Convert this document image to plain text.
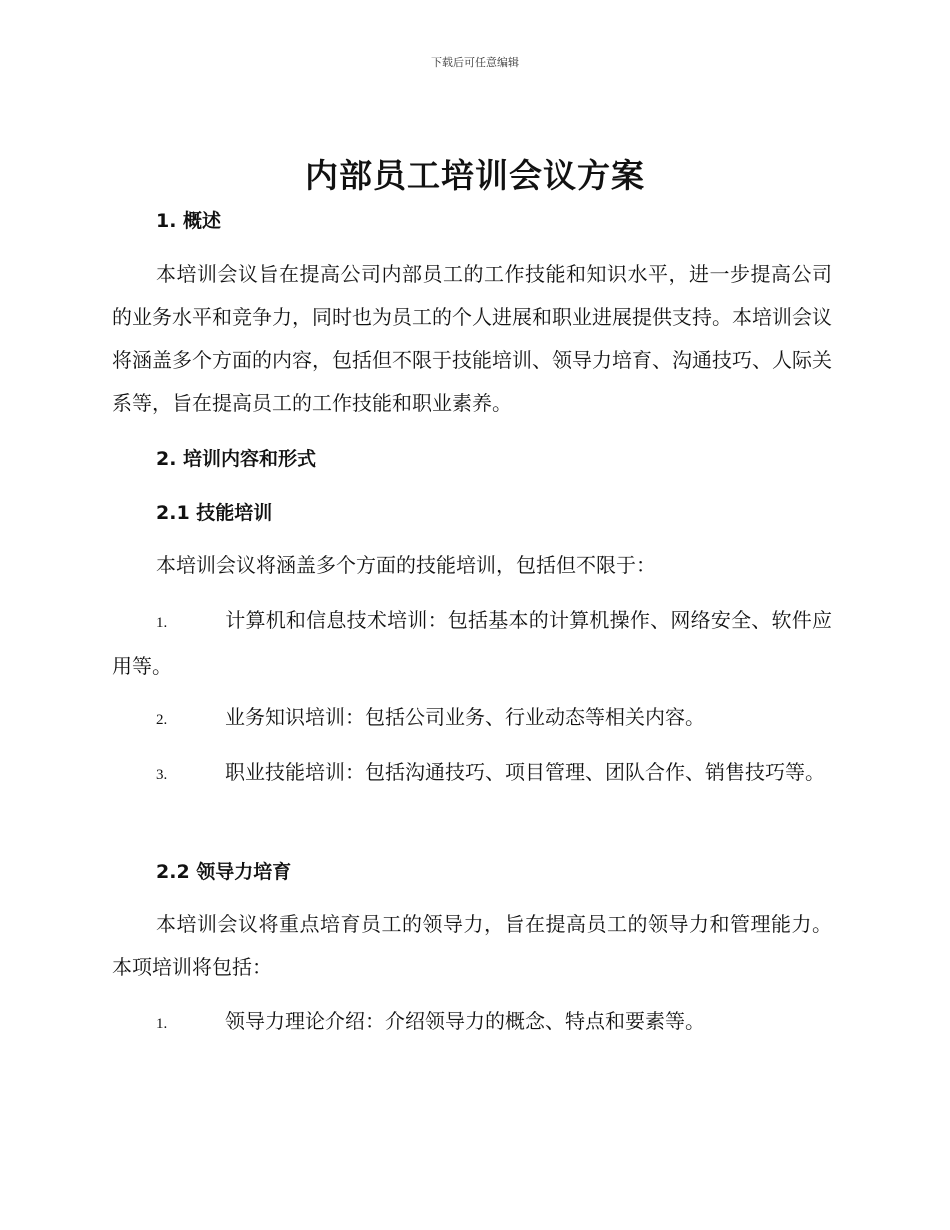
下载后可任意编辑
内部员工培训会议方案
1. 概述

本培训会议旨在提高公司内部员工的工作技能和知识水平，进一步提高公司的业务水平和竞争力，同时也为员工的个人进展和职业进展提供支持。本培训会议将涵盖多个方面的内容，包括但不限于技能培训、领导力培育、沟通技巧、人际关系等，旨在提高员工的工作技能和职业素养。

2. 培训内容和形式
2.1 技能培训

本培训会议将涵盖多个方面的技能培训，包括但不限于：

1.	计算机和信息技术培训：包括基本的计算机操作、网络安全、软件应用等。

2.	业务知识培训：包括公司业务、行业动态等相关内容。

3.	职业技能培训：包括沟通技巧、项目管理、团队合作、销售技巧等。

2.2 领导力培育

本培训会议将重点培育员工的领导力，旨在提高员工的领导力和管理能力。本项培训将包括：

1.	领导力理论介绍：介绍领导力的概念、特点和要素等。
